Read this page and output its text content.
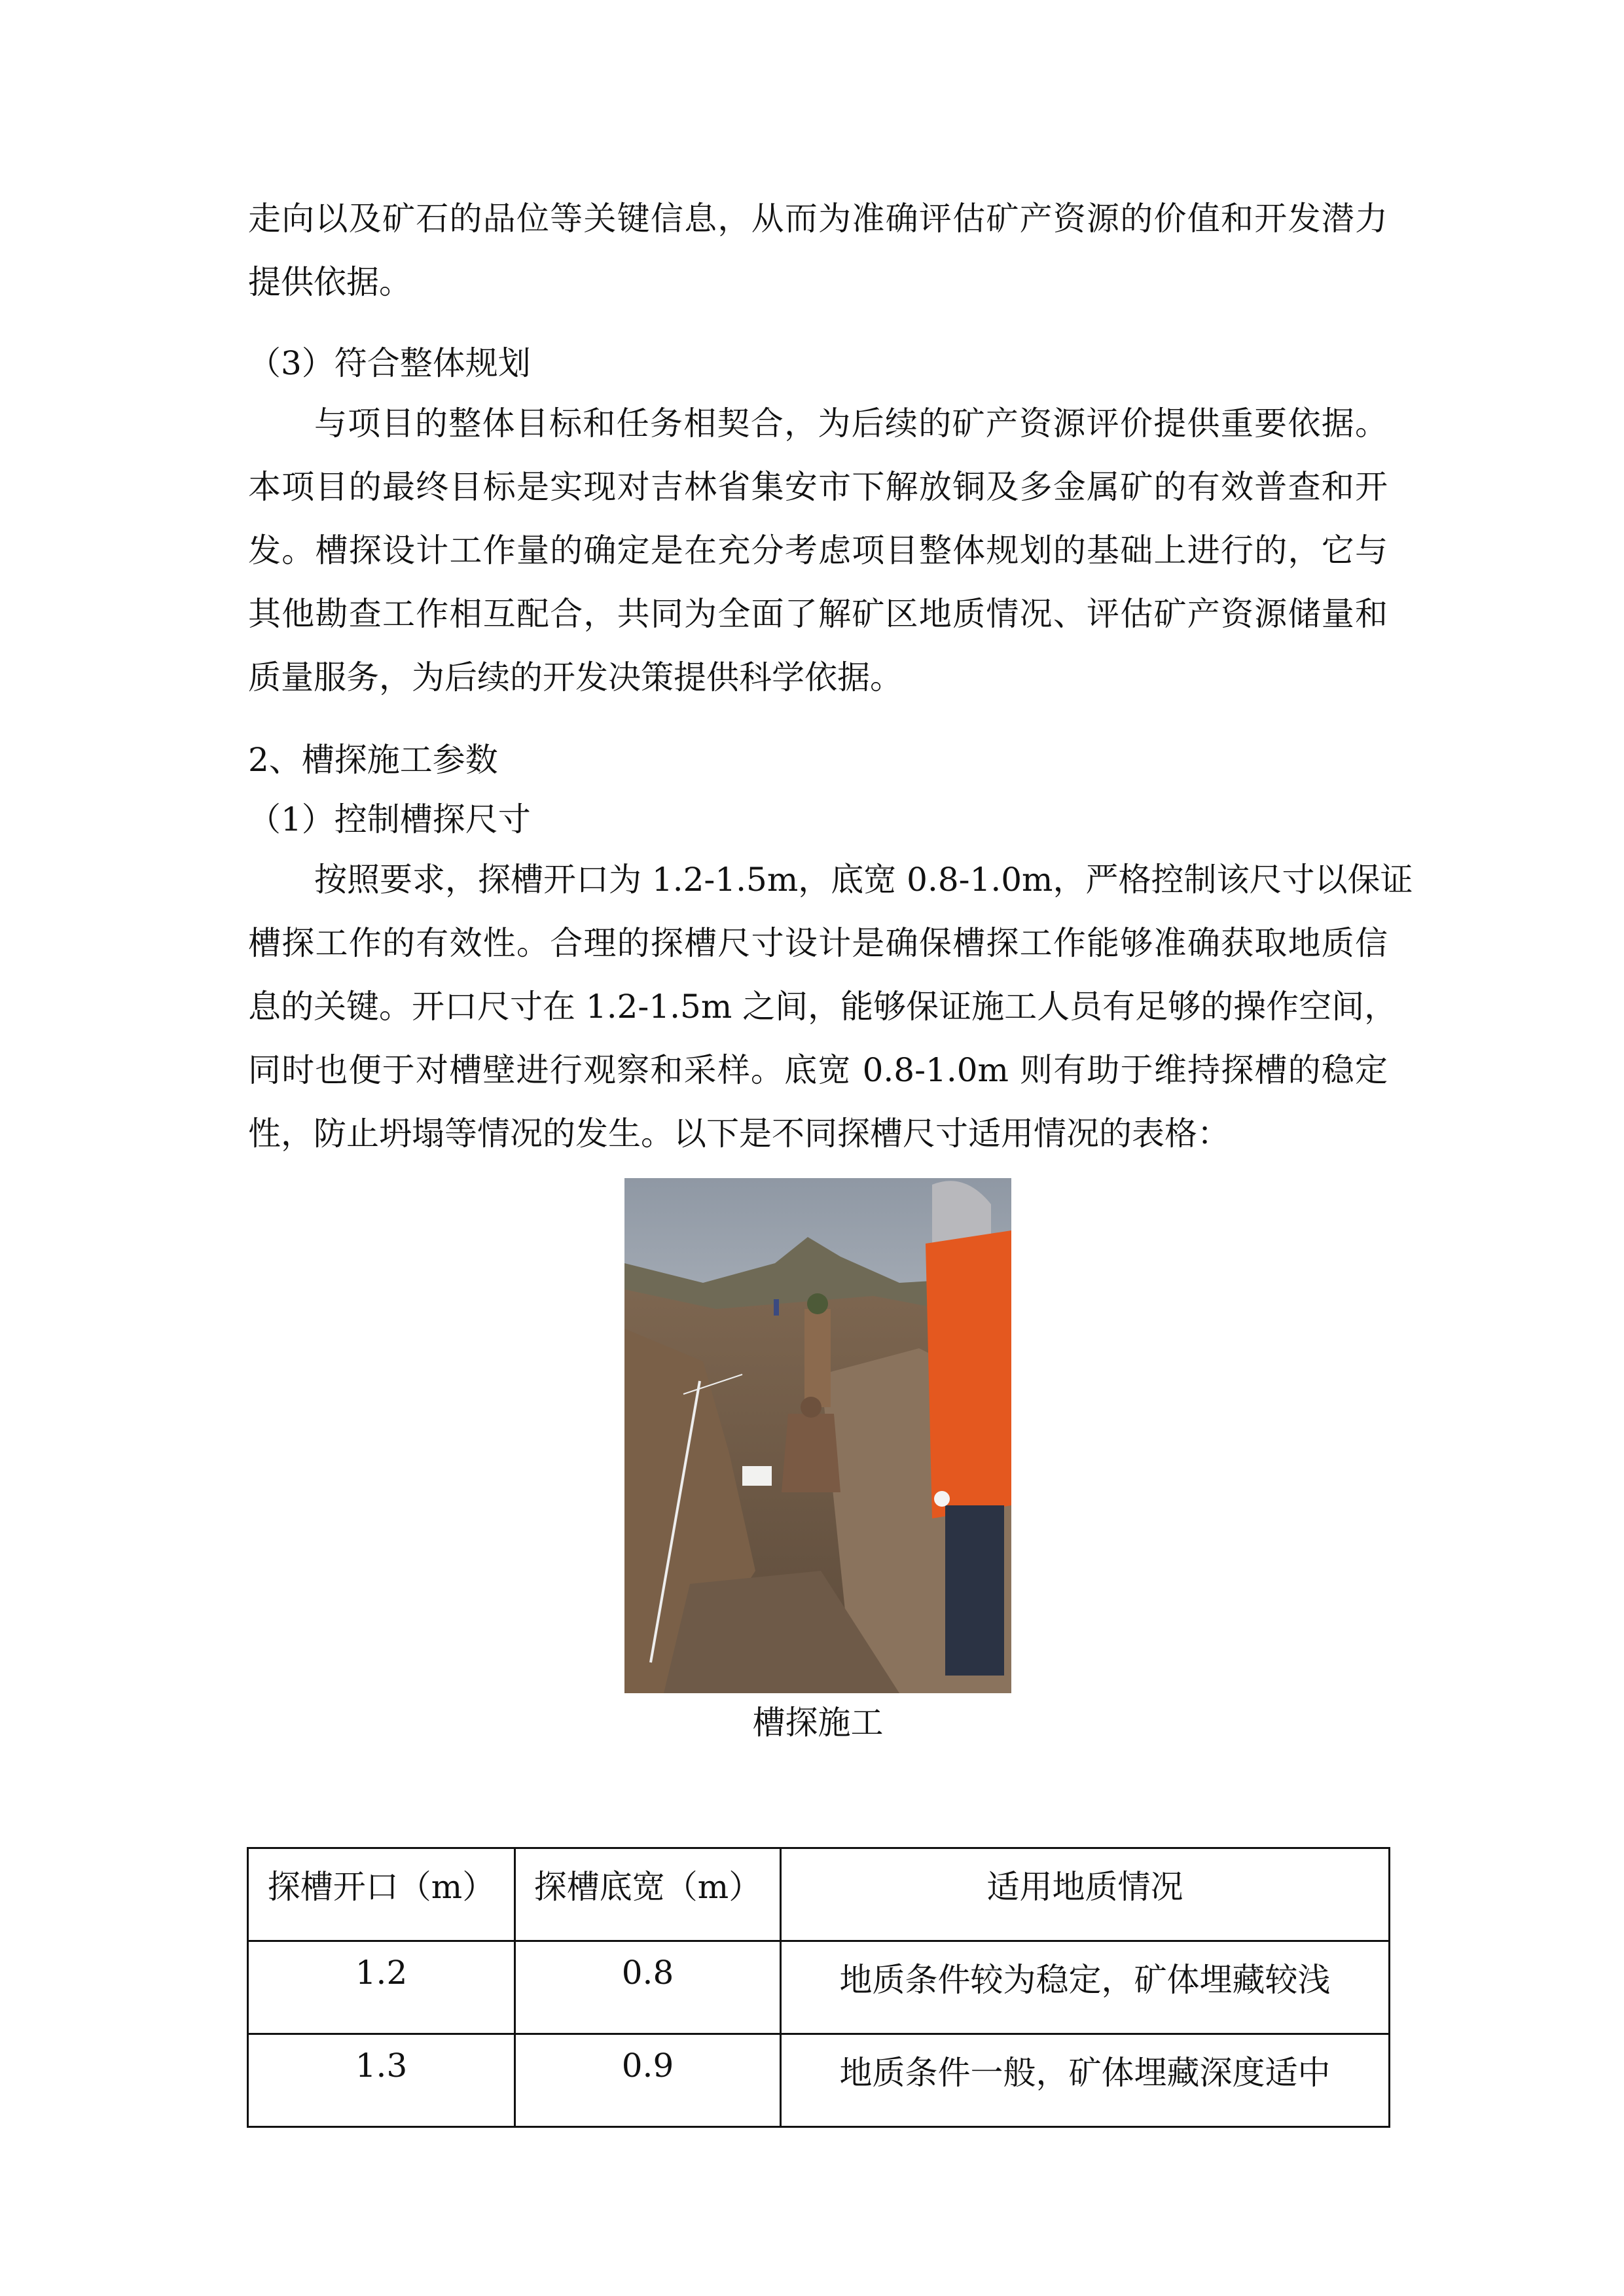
走向以及矿石的品位等关键信息，从而为准确评估矿产资源的价值和开发潜力
提供依据。
（3）符合整体规划
与项目的整体目标和任务相契合，为后续的矿产资源评价提供重要依据。
本项目的最终目标是实现对吉林省集安市下解放铜及多金属矿的有效普查和开
发。槽探设计工作量的确定是在充分考虑项目整体规划的基础上进行的，它与
其他勘查工作相互配合，共同为全面了解矿区地质情况、评估矿产资源储量和
质量服务，为后续的开发决策提供科学依据。
2、槽探施工参数
（1）控制槽探尺寸
按照要求，探槽开口为 1.2-1.5m，底宽 0.8-1.0m，严格控制该尺寸以保证
槽探工作的有效性。合理的探槽尺寸设计是确保槽探工作能够准确获取地质信
息的关键。开口尺寸在 1.2-1.5m 之间，能够保证施工人员有足够的操作空间，
同时也便于对槽壁进行观察和采样。底宽 0.8-1.0m 则有助于维持探槽的稳定
性，防止坍塌等情况的发生。以下是不同探槽尺寸适用情况的表格：
槽探施工
探槽开口（m）	探槽底宽（m）	适用地质情况
1.2	0.8	地质条件较为稳定，矿体埋藏较浅
1.3	0.9	地质条件一般，矿体埋藏深度适中
